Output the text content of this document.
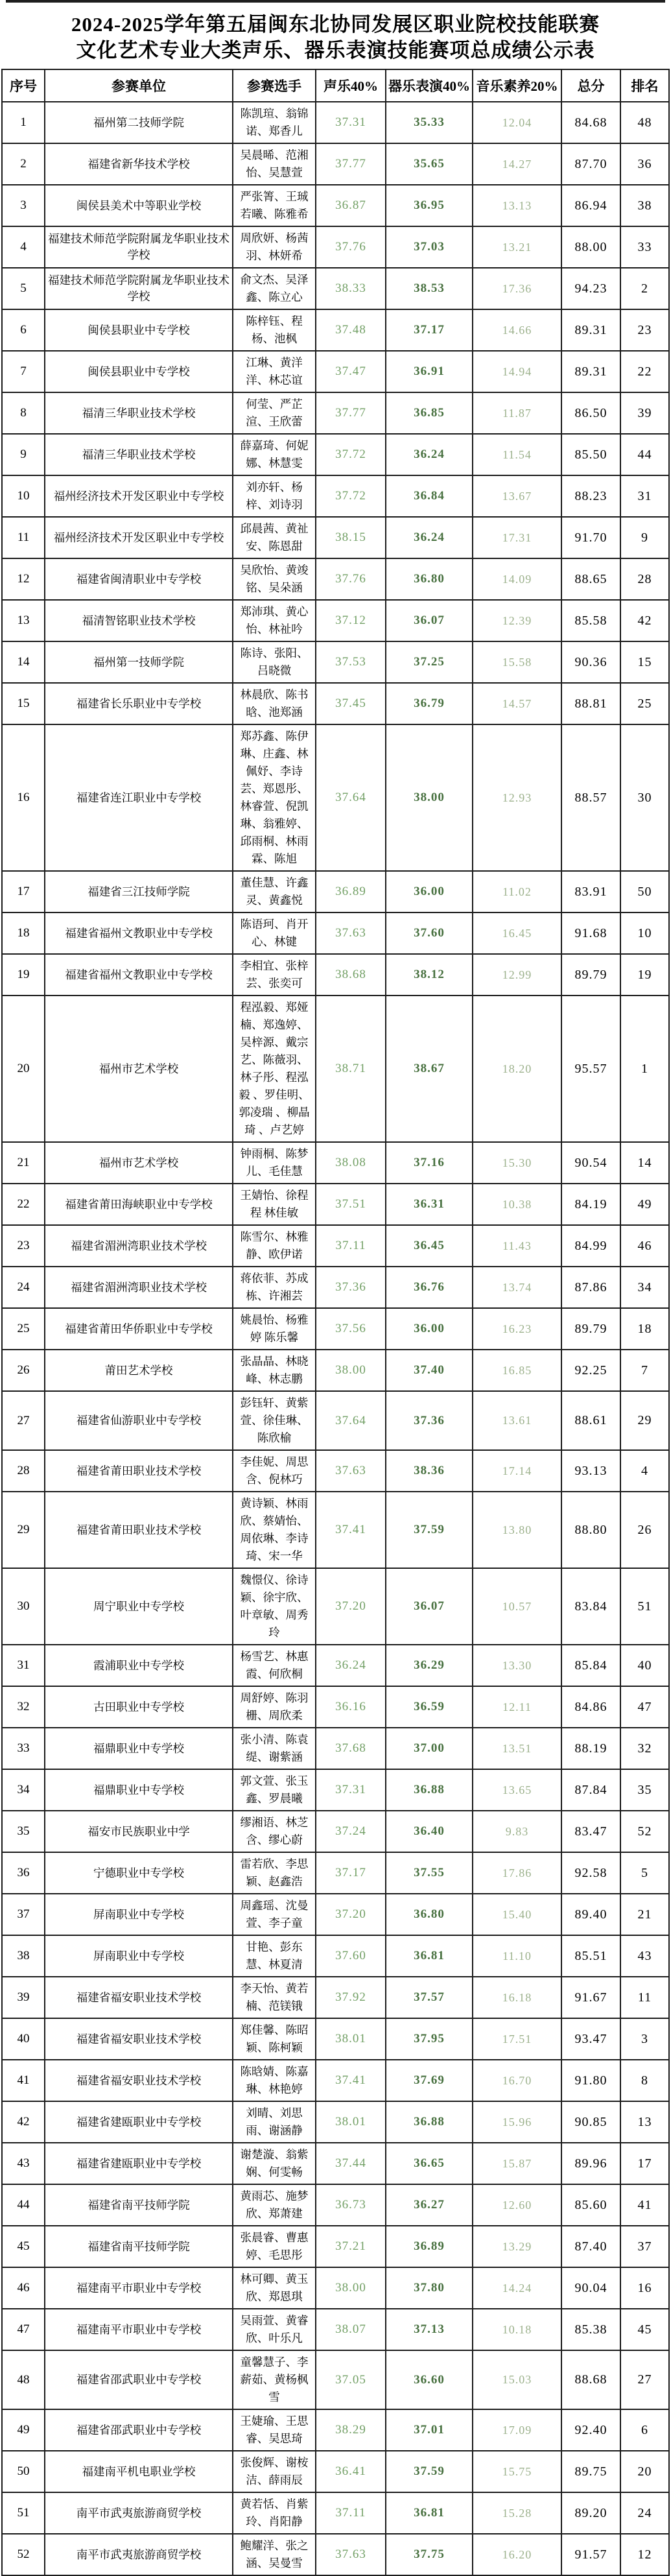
2024-2025学年第五届闽东北协同发展区职业院校技能联赛
文化艺术专业大类声乐、器乐表演技能赛项总成绩公示表
序号	参赛单位	参赛选手	声乐40%	器乐表演40%	音乐素养20%	总分	排名
1	福州第二技师学院	陈凯瑄、翁锦诺、郑香儿	37.31	35.33	12.04	84.68	48
2	福建省新华技术学校	吴晨晞、范湘怡、吴慧萱	37.77	35.65	14.27	87.70	36
3	闽侯县美术中等职业学校	严张箐、王珹若曦、陈雅希	36.87	36.95	13.13	86.94	38
4	福建技术师范学院附属龙华职业技术学校	周欣妍、杨茜羽、林妍希	37.76	37.03	13.21	88.00	33
5	福建技术师范学院附属龙华职业技术学校	俞文杰、吴泽鑫、陈立心	38.33	38.53	17.36	94.23	2
6	闽侯县职业中专学校	陈梓钰、程杨、池枫	37.48	37.17	14.66	89.31	23
7	闽侯县职业中专学校	江琳、黄洋洋、林芯谊	37.47	36.91	14.94	89.31	22
8	福清三华职业技术学校	何莹、严芷渲、王欣蕾	37.77	36.85	11.87	86.50	39
9	福清三华职业技术学校	薛嘉琦、何妮娜、林慧雯	37.72	36.24	11.54	85.50	44
10	福州经济技术开发区职业中专学校	刘亦轩、杨梓、刘诗羽	37.72	36.84	13.67	88.23	31
11	福州经济技术开发区职业中专学校	邱晨茜、黄祉安、陈恩甜	38.15	36.24	17.31	91.70	9
12	福建省闽清职业中专学校	吴欣怡、黄竣铭、吴朵涵	37.76	36.80	14.09	88.65	28
13	福清智铭职业技术学校	郑沛琪、黄心怡、林祉吟	37.12	36.07	12.39	85.58	42
14	福州第一技师学院	陈诗、张阳、吕晓微	37.53	37.25	15.58	90.36	15
15	福建省长乐职业中专学校	林晨欣、陈书晗、池郑涵	37.45	36.79	14.57	88.81	25
16	福建省连江职业中专学校	郑苏鑫、陈伊琳、庄鑫、林佩妤、李诗芸、郑恩彤、林睿萱、倪凯琳、翁雅婷、邱雨桐、林雨霖、陈旭	37.64	38.00	12.93	88.57	30
17	福建省三江技师学院	董佳慧、许鑫灵、黄鑫悦	36.89	36.00	11.02	83.91	50
18	福建省福州文教职业中专学校	陈语珂、肖开心、林键	37.63	37.60	16.45	91.68	10
19	福建省福州文教职业中专学校	李相宜、张梓芸、张奕可	38.68	38.12	12.99	89.79	19
20	福州市艺术学校	程泓毅、郑娅楠、郑逸婷、吴梓源、戴宗艺、陈薇羽、林子彤、程泓毅 、罗佳明、郭凌瑞 、柳晶琦 、卢艺婷	38.71	38.67	18.20	95.57	1
21	福州市艺术学校	钟雨桐、陈梦儿、毛佳慧	38.08	37.16	15.30	90.54	14
22	福建省莆田海峡职业中专学校	王婧怡、徐程程 林佳敏	37.51	36.31	10.38	84.19	49
23	福建省湄洲湾职业技术学校	陈雪尔、林雅静、欧伊诺	37.11	36.45	11.43	84.99	46
24	福建省湄洲湾职业技术学校	蒋依菲、苏成栋、许湘芸	37.36	36.76	13.74	87.86	34
25	福建省莆田华侨职业中专学校	姚晨怡、杨雅婷 陈乐馨	37.56	36.00	16.23	89.79	18
26	莆田艺术学校	张晶晶、林晓峰、林志鹏	38.00	37.40	16.85	92.25	7
27	福建省仙游职业中专学校	彭钰轩、黄紫萱、徐佳琳、陈欣榆	37.64	37.36	13.61	88.61	29
28	福建省莆田职业技术学校	李佳妮、周思含、倪林巧	37.63	38.36	17.14	93.13	4
29	福建省莆田职业技术学校	黄诗颖、林雨欣、蔡婧怡、周依琳、李诗琦、宋一华	37.41	37.59	13.80	88.80	26
30	周宁职业中专学校	魏憬仪、徐诗颖、徐宇欣、叶章敏、周秀玲	37.20	36.07	10.57	83.84	51
31	霞浦职业中专学校	杨雪艺、林惠霞、何欣桐	36.24	36.29	13.30	85.84	40
32	古田职业中专学校	周舒婷、陈羽栅、周欣柔	36.16	36.59	12.11	84.86	47
33	福鼎职业中专学校	张小清、陈袁缇、谢紫涵	37.68	37.00	13.51	88.19	32
34	福鼎职业中专学校	郭文萱、张玉鑫、罗晨曦	37.31	36.88	13.65	87.84	35
35	福安市民族职业中学	缪湘语、林芝含、缪心蔚	37.24	36.40	9.83	83.47	52
36	宁德职业中专学校	雷若欣、李思颖、赵鑫浩	37.17	37.55	17.86	92.58	5
37	屏南职业中专学校	周鑫瑶、沈曼萱、李子童	37.20	36.80	15.40	89.40	21
38	屏南职业中专学校	甘艳、彭东慧、林夏清	37.60	36.81	11.10	85.51	43
39	福建省福安职业技术学校	李天怡、黄若楠、范镁锇	37.92	37.57	16.18	91.67	11
40	福建省福安职业技术学校	郑佳馨、陈昭颖、陈柯颖	38.01	37.95	17.51	93.47	3
41	福建省福安职业技术学校	陈晗婧、陈嘉琳、林艳婷	37.41	37.69	16.70	91.80	8
42	福建省建瓯职业中专学校	刘晴、刘思雨、谢涵静	38.01	36.88	15.96	90.85	13
43	福建省建瓯职业中专学校	谢楚漩、翁紫娴、何雯畅	37.44	36.65	15.87	89.96	17
44	福建省南平技师学院	黄雨芯、施梦欣、郑萧建	36.73	36.27	12.60	85.60	41
45	福建省南平技师学院	张晨睿、曹惠婷、毛思彤	37.21	36.89	13.29	87.40	37
46	福建南平市职业中专学校	林可卿、黄玉欣、郑恩琪	38.00	37.80	14.24	90.04	16
47	福建南平市职业中专学校	吴雨萱、黄睿欣、叶乐凡	38.07	37.13	10.18	85.38	45
48	福建省邵武职业中专学校	童馨慧子、李薪茹、黄杨枫雪	37.05	36.60	15.03	88.68	27
49	福建省邵武职业中专学校	王婕瑜、王思睿、吴思琦	38.29	37.01	17.09	92.40	6
50	福建南平机电职业学校	张俊辉、谢桉洁、薛雨辰	36.41	37.59	15.75	89.75	20
51	南平市武夷旅游商贸学校	黄若恬、肖紫玲、肖阳静	37.11	36.81	15.28	89.20	24
52	南平市武夷旅游商贸学校	鲍耀洋、张之涵、吴曼雪	37.63	37.75	16.20	91.57	12
